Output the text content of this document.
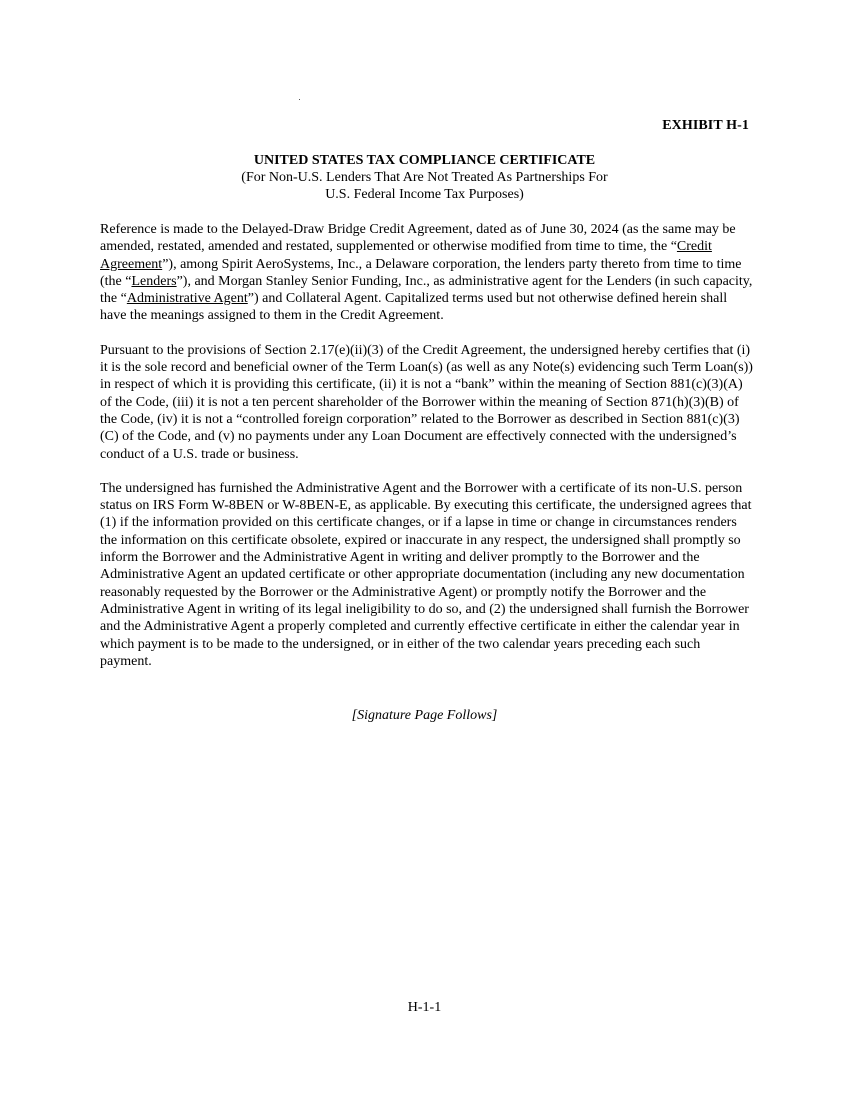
EXHIBIT H-1
UNITED STATES TAX COMPLIANCE CERTIFICATE
(For Non-U.S. Lenders That Are Not Treated As Partnerships For
U.S. Federal Income Tax Purposes)

Reference is made to the Delayed-Draw Bridge Credit Agreement, dated as of June 30, 2024 (as the same may be amended, restated, amended and restated, supplemented or otherwise modified from time to time, the “Credit Agreement”), among Spirit AeroSystems, Inc., a Delaware corporation, the lenders party thereto from time to time (the “Lenders”), and Morgan Stanley Senior Funding, Inc., as administrative agent for the Lenders (in such capacity, the “Administrative Agent”) and Collateral Agent. Capitalized terms used but not otherwise defined herein shall have the meanings assigned to them in the Credit Agreement.

Pursuant to the provisions of Section 2.17(e)(ii)(3) of the Credit Agreement, the undersigned hereby certifies that (i) it is the sole record and beneficial owner of the Term Loan(s) (as well as any Note(s) evidencing such Term Loan(s)) in respect of which it is providing this certificate, (ii) it is not a “bank” within the meaning of Section 881(c)(3)(A) of the Code, (iii) it is not a ten percent shareholder of the Borrower within the meaning of Section 871(h)(3)(B) of the Code, (iv) it is not a “controlled foreign corporation” related to the Borrower as described in Section 881(c)(3)(C) of the Code, and (v) no payments under any Loan Document are effectively connected with the undersigned’s conduct of a U.S. trade or business.

The undersigned has furnished the Administrative Agent and the Borrower with a certificate of its non-U.S. person status on IRS Form W-8BEN or W-8BEN-E, as applicable. By executing this certificate, the undersigned agrees that (1) if the information provided on this certificate changes, or if a lapse in time or change in circumstances renders the information on this certificate obsolete, expired or inaccurate in any respect, the undersigned shall promptly so inform the Borrower and the Administrative Agent in writing and deliver promptly to the Borrower and the Administrative Agent an updated certificate or other appropriate documentation (including any new documentation reasonably requested by the Borrower or the Administrative Agent) or promptly notify the Borrower and the Administrative Agent in writing of its legal ineligibility to do so, and (2) the undersigned shall furnish the Borrower and the Administrative Agent a properly completed and currently effective certificate in either the calendar year in which payment is to be made to the undersigned, or in either of the two calendar years preceding each such payment.

[Signature Page Follows]
H-1-1
